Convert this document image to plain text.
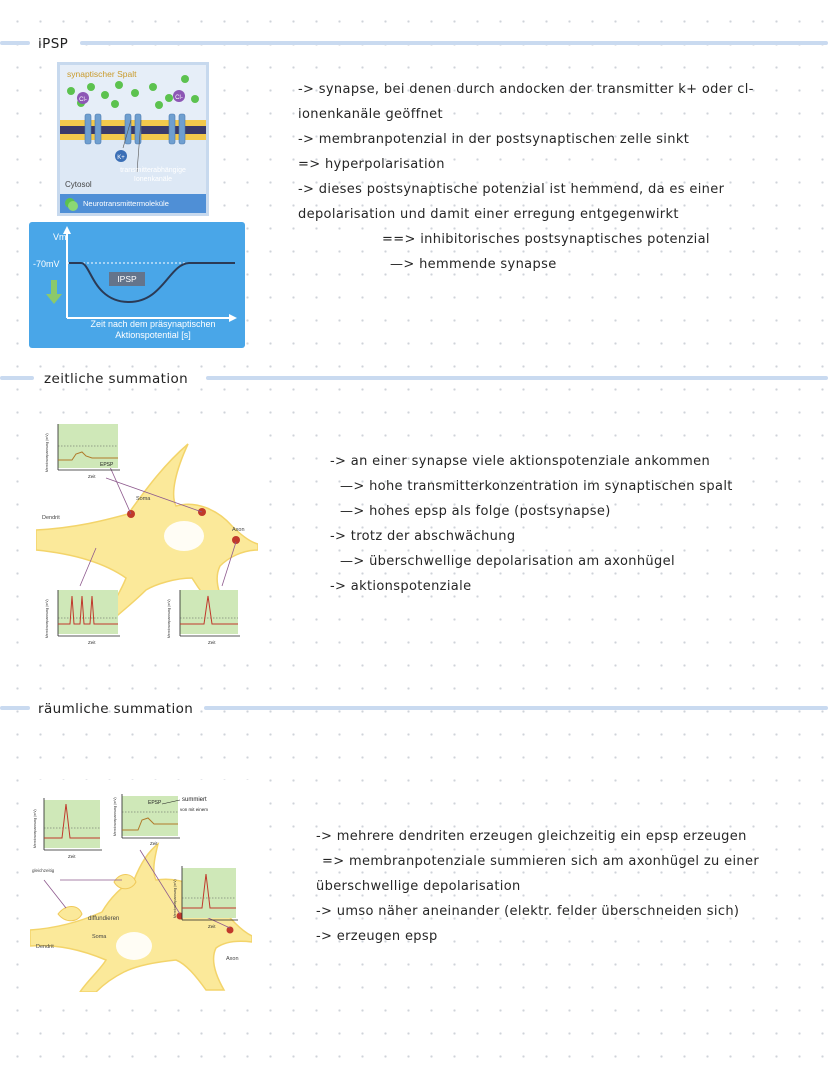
iPSP
synaptischer Spalt
Cl-	Cl-
K+
transmitterabhängige
Ionenkanäle
Cytosol
Neurotransmittermoleküle
Vm
-70mV
IPSP
Zeit nach dem präsynaptischen
Aktionspotential [s]
-> synapse, bei denen durch andocken der transmitter k+ oder cl-
ionenkanäle geöffnet
-> membranpotenzial in der postsynaptischen zelle sinkt
=> hyperpolarisation
-> dieses postsynaptische potenzial ist hemmend, da es einer
depolarisation und damit einer erregung entgegenwirkt
==> inhibitorisches postsynaptisches potenzial
—> hemmende synapse
zeitliche summation
Dendrit
Soma
Axon
EPSP
Zeit
Membranspannung (mV)
Zeit
Membranspannung (mV)
Zeit
Membranspannung (mV)
-> an einer synapse viele aktionspotenziale ankommen
—> hohe transmitterkonzentration im synaptischen spalt
—> hohes epsp als folge (postsynapse)
-> trotz der abschwächung
—> überschwellige depolarisation am axonhügel
-> aktionspotenziale
räumliche summation
diffundieren
Soma
Dendrit
Axon
gleichzeitig
Zeit
Membranspannung (mV)
EPSP
Zeit
Membranspannung (mV)	summiert
von mit einem
Zeit
Membranspannung (mV)
-> mehrere dendriten erzeugen gleichzeitig ein epsp erzeugen
=> membranpotenziale summieren sich am axonhügel zu einer
überschwellige depolarisation
-> umso näher aneinander (elektr. felder überschneiden sich)
-> erzeugen epsp
